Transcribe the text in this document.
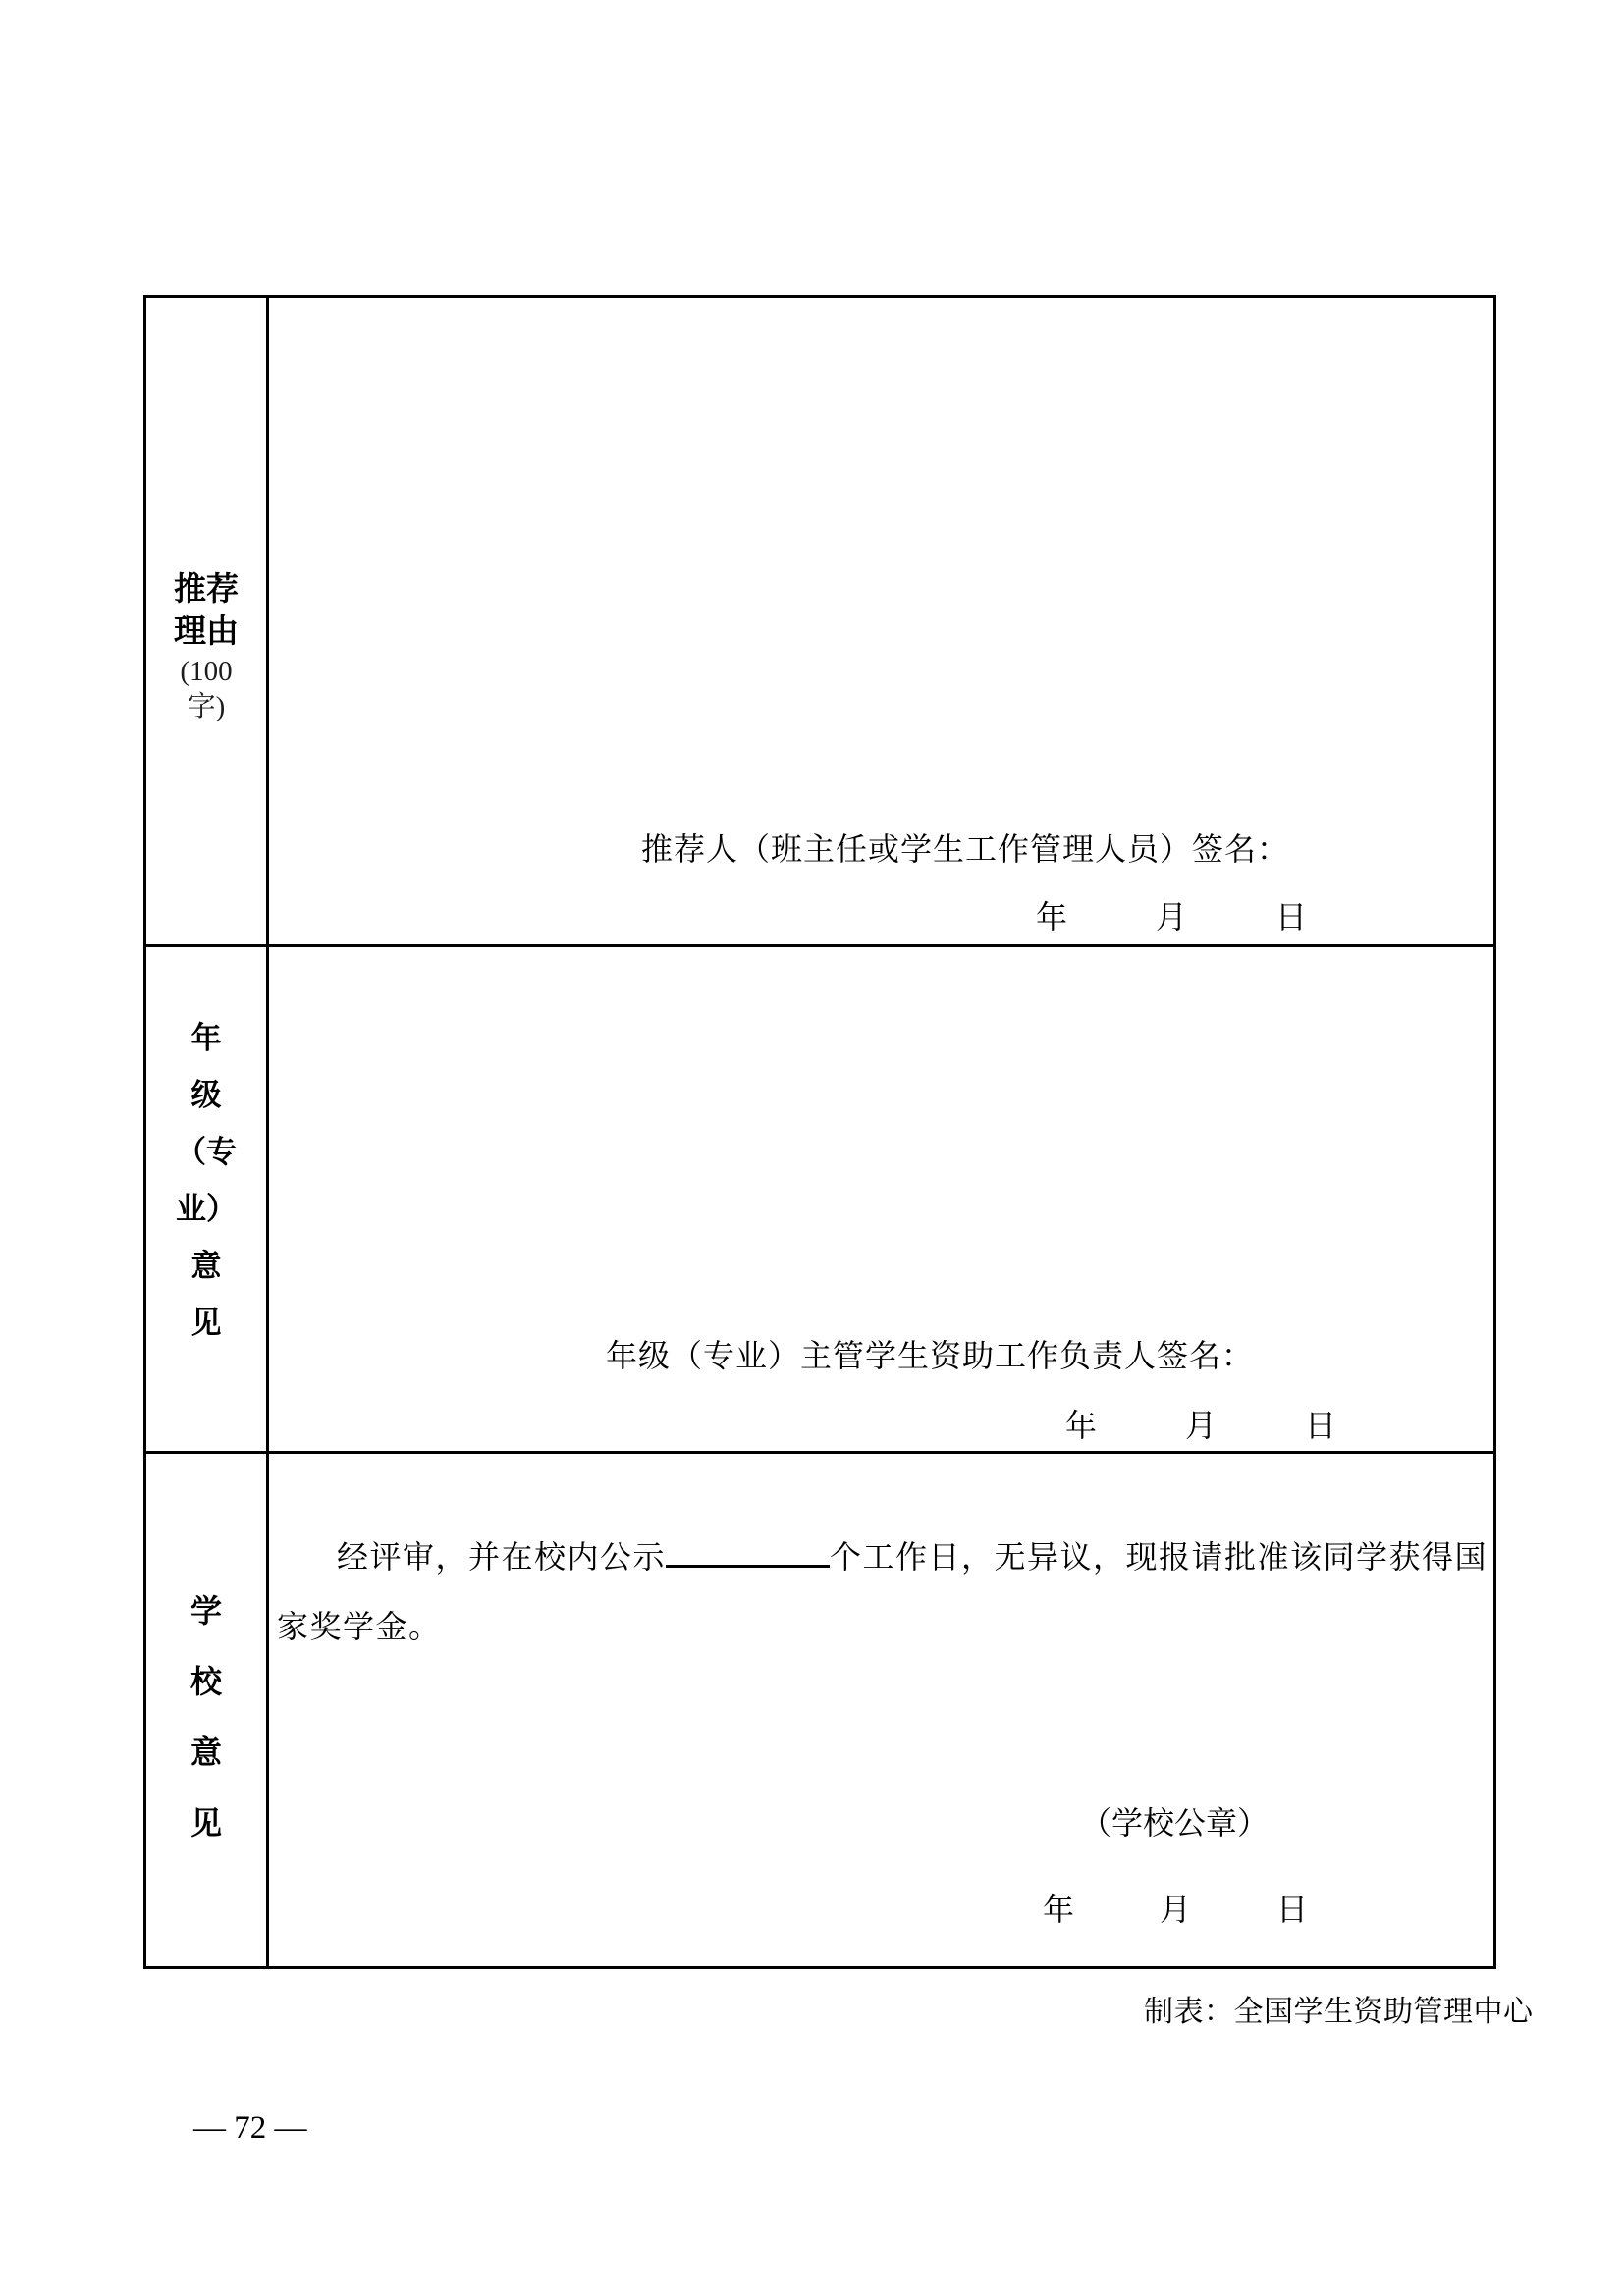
推荐
理由
(100
字)
推荐人（班主任或学生工作管理人员）签名：
年	月	日
年
级
（专
业）
意
见
年级（专业）主管学生资助工作负责人签名：
年	月	日
学
校
意
见
经评审，并在校内公示	个工作日，无异议，现报请批准该同学获得国
家奖学金。
（学校公章）
年	月	日
制表：全国学生资助管理中心
— 72 —
